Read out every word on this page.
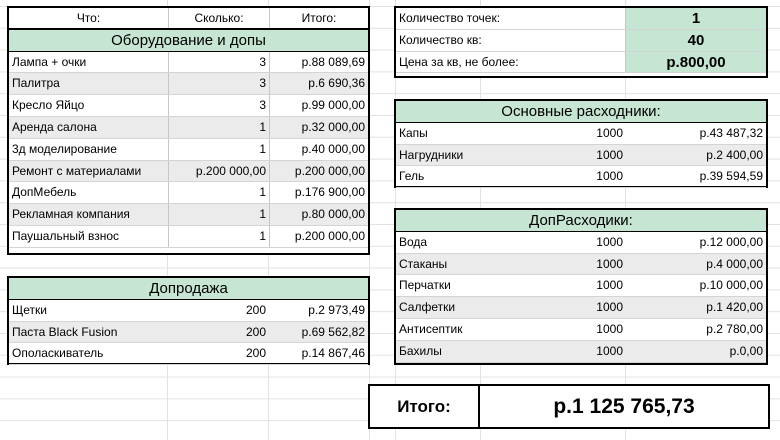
Что:	Сколько:	Итого:
Оборудование и допы
Лампа + очки	3	р.88 089,69
Палитра	3	р.6 690,36
Кресло Яйцо	3	р.99 000,00
Аренда салона	1	р.32 000,00
3д моделирование	1	р.40 000,00
Ремонт с материалами	р.200 000,00	р.200 000,00
ДопМебель	1	р.176 900,00
Рекламная компания	1	р.80 000,00
Паушальный взнос	1	р.200 000,00
Допродажа
Щетки	200	р.2 973,49
Паста Black Fusion	200	р.69 562,82
Ополаскиватель	200	р.14 867,46
Количество точек:	1
Количество кв:	40
Цена за кв, не более:	р.800,00
Основные расходники:
Капы	1000	р.43 487,32
Нагрудники	1000	р.2 400,00
Гель	1000	р.39 594,59
ДопРасходики:
Вода	1000	р.12 000,00
Стаканы	1000	р.4 000,00
Перчатки	1000	р.10 000,00
Салфетки	1000	р.1 420,00
Антисептик	1000	р.2 780,00
Бахилы	1000	р.0,00
Итого:	р.1 125 765,73
